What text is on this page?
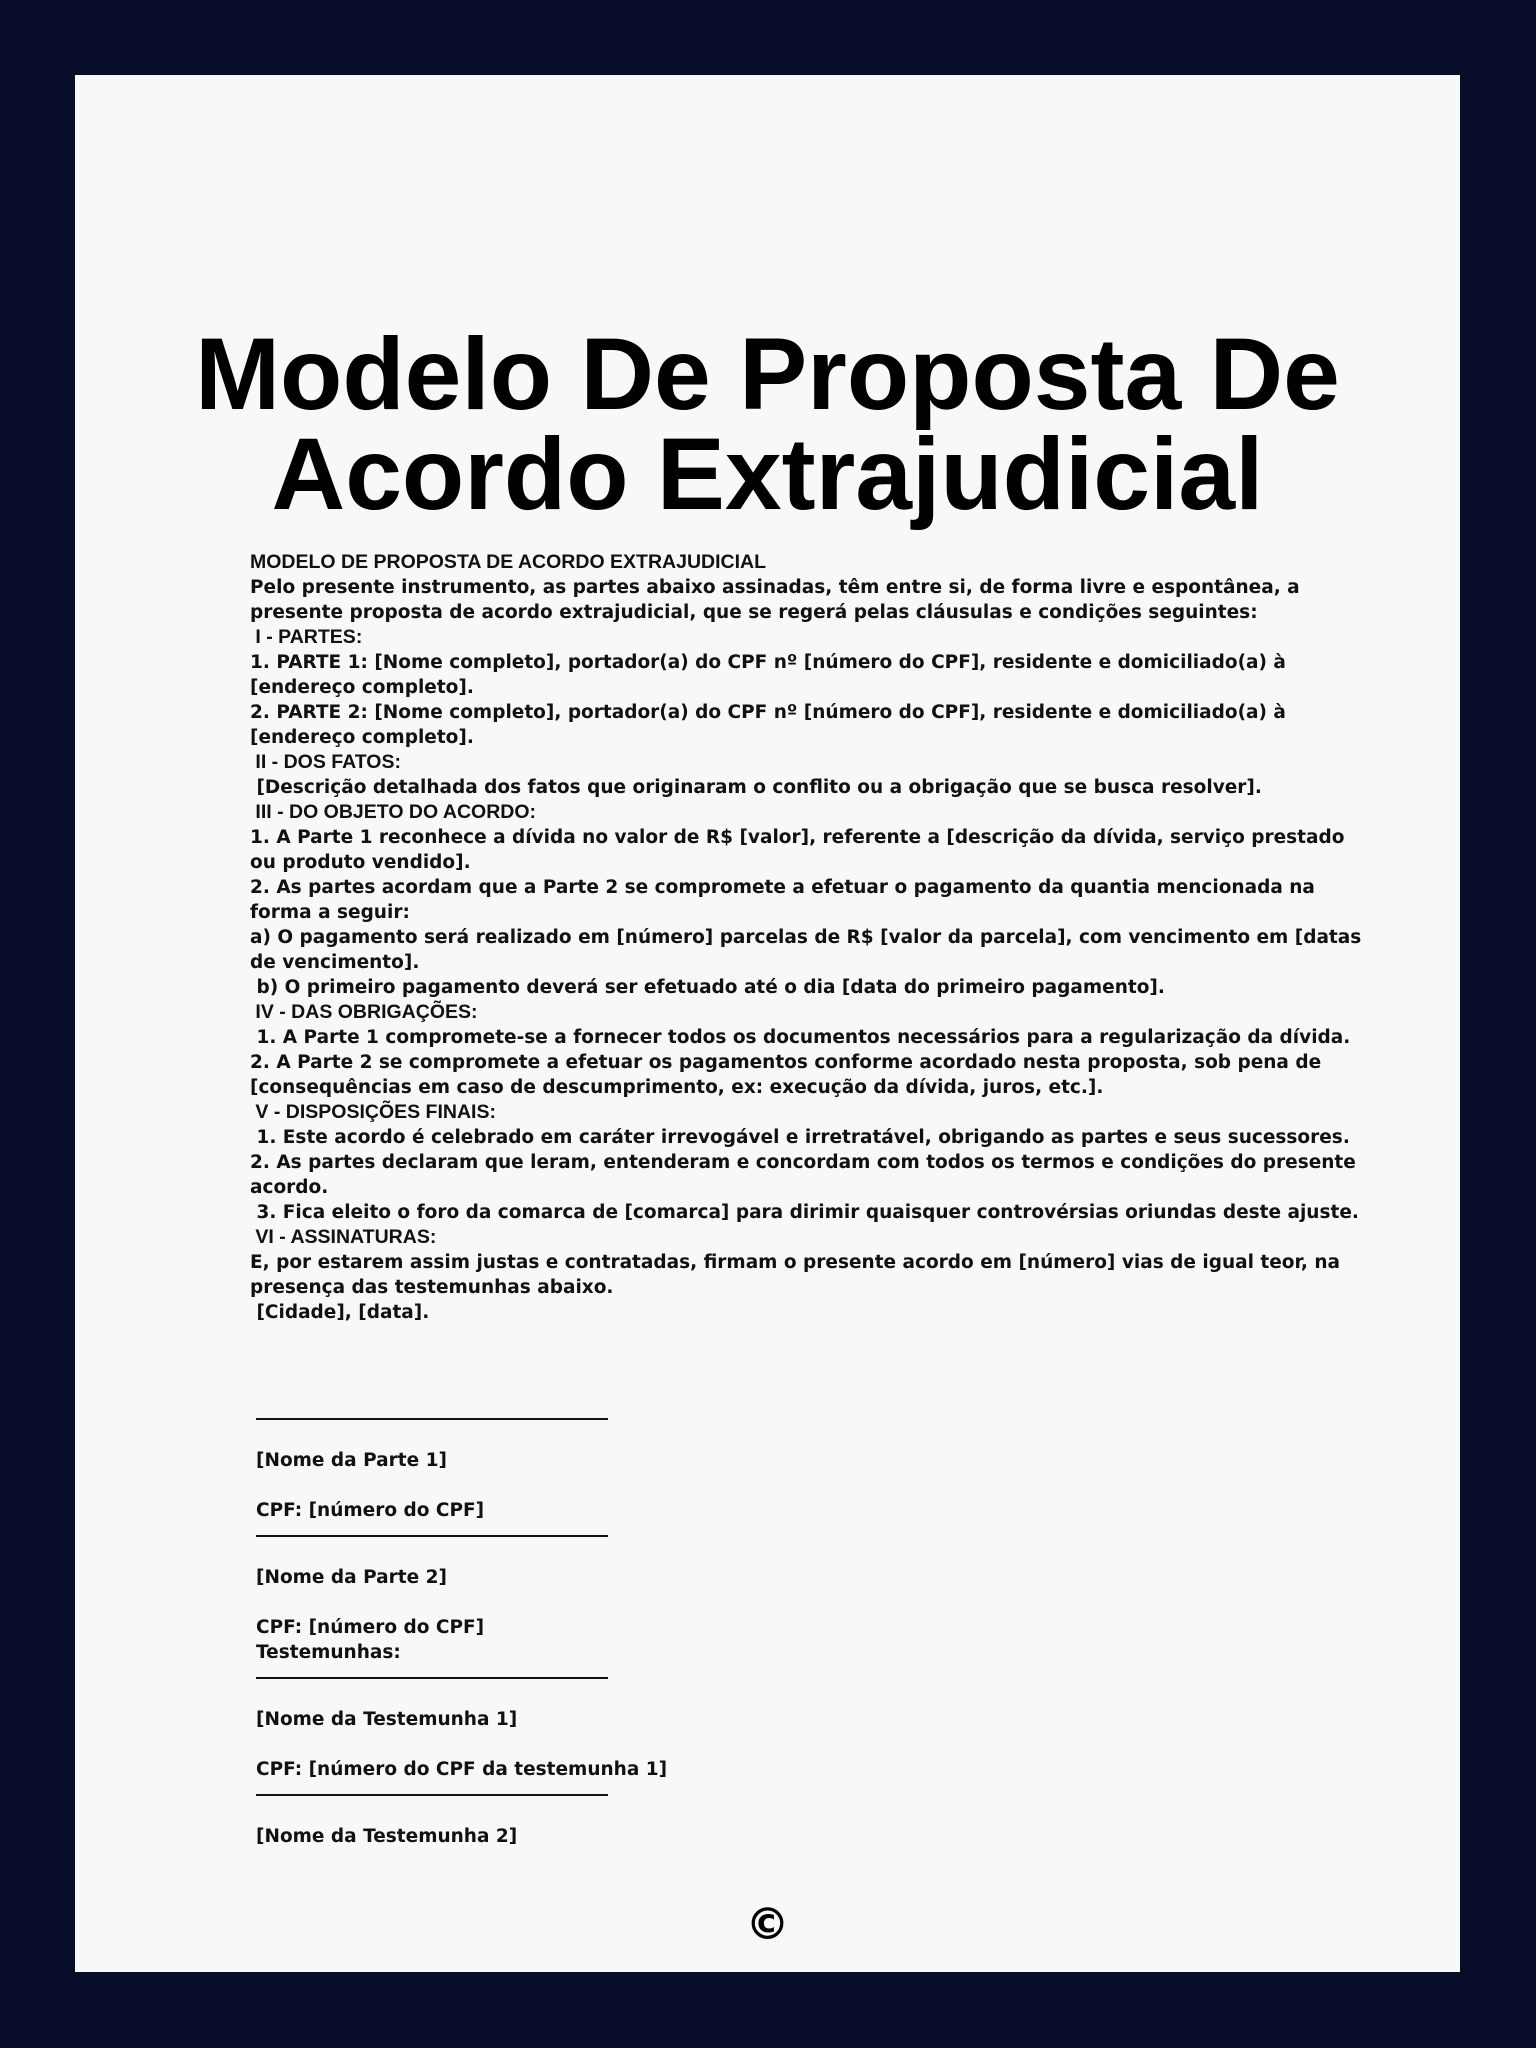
Modelo De Proposta De
Acordo Extrajudicial

MODELO DE PROPOSTA DE ACORDO EXTRAJUDICIAL

Pelo presente instrumento, as partes abaixo assinadas, têm entre si, de forma livre e espontânea, a presente proposta de acordo extrajudicial, que se regerá pelas cláusulas e condições seguintes:

I - PARTES:

1. PARTE 1: [Nome completo], portador(a) do CPF nº [número do CPF], residente e domiciliado(a) à [endereço completo].

2. PARTE 2: [Nome completo], portador(a) do CPF nº [número do CPF], residente e domiciliado(a) à [endereço completo].

II - DOS FATOS:

[Descrição detalhada dos fatos que originaram o conflito ou a obrigação que se busca resolver].

III - DO OBJETO DO ACORDO:

1. A Parte 1 reconhece a dívida no valor de R$ [valor], referente a [descrição da dívida, serviço prestado ou produto vendido].

2. As partes acordam que a Parte 2 se compromete a efetuar o pagamento da quantia mencionada na forma a seguir:

a) O pagamento será realizado em [número] parcelas de R$ [valor da parcela], com vencimento em [datas de vencimento].

b) O primeiro pagamento deverá ser efetuado até o dia [data do primeiro pagamento].

IV - DAS OBRIGAÇÕES:

1. A Parte 1 compromete-se a fornecer todos os documentos necessários para a regularização da dívida.

2. A Parte 2 se compromete a efetuar os pagamentos conforme acordado nesta proposta, sob pena de [consequências em caso de descumprimento, ex: execução da dívida, juros, etc.].

V - DISPOSIÇÕES FINAIS:

1. Este acordo é celebrado em caráter irrevogável e irretratável, obrigando as partes e seus sucessores.

2. As partes declaram que leram, entenderam e concordam com todos os termos e condições do presente acordo.

3. Fica eleito o foro da comarca de [comarca] para dirimir quaisquer controvérsias oriundas deste ajuste.

VI - ASSINATURAS:

E, por estarem assim justas e contratadas, firmam o presente acordo em [número] vias de igual teor, na presença das testemunhas abaixo.

[Cidade], [data].

[Nome da Parte 1]
CPF: [número do CPF]
[Nome da Parte 2]
CPF: [número do CPF]
Testemunhas:
[Nome da Testemunha 1]
CPF: [número do CPF da testemunha 1]
[Nome da Testemunha 2]
©
